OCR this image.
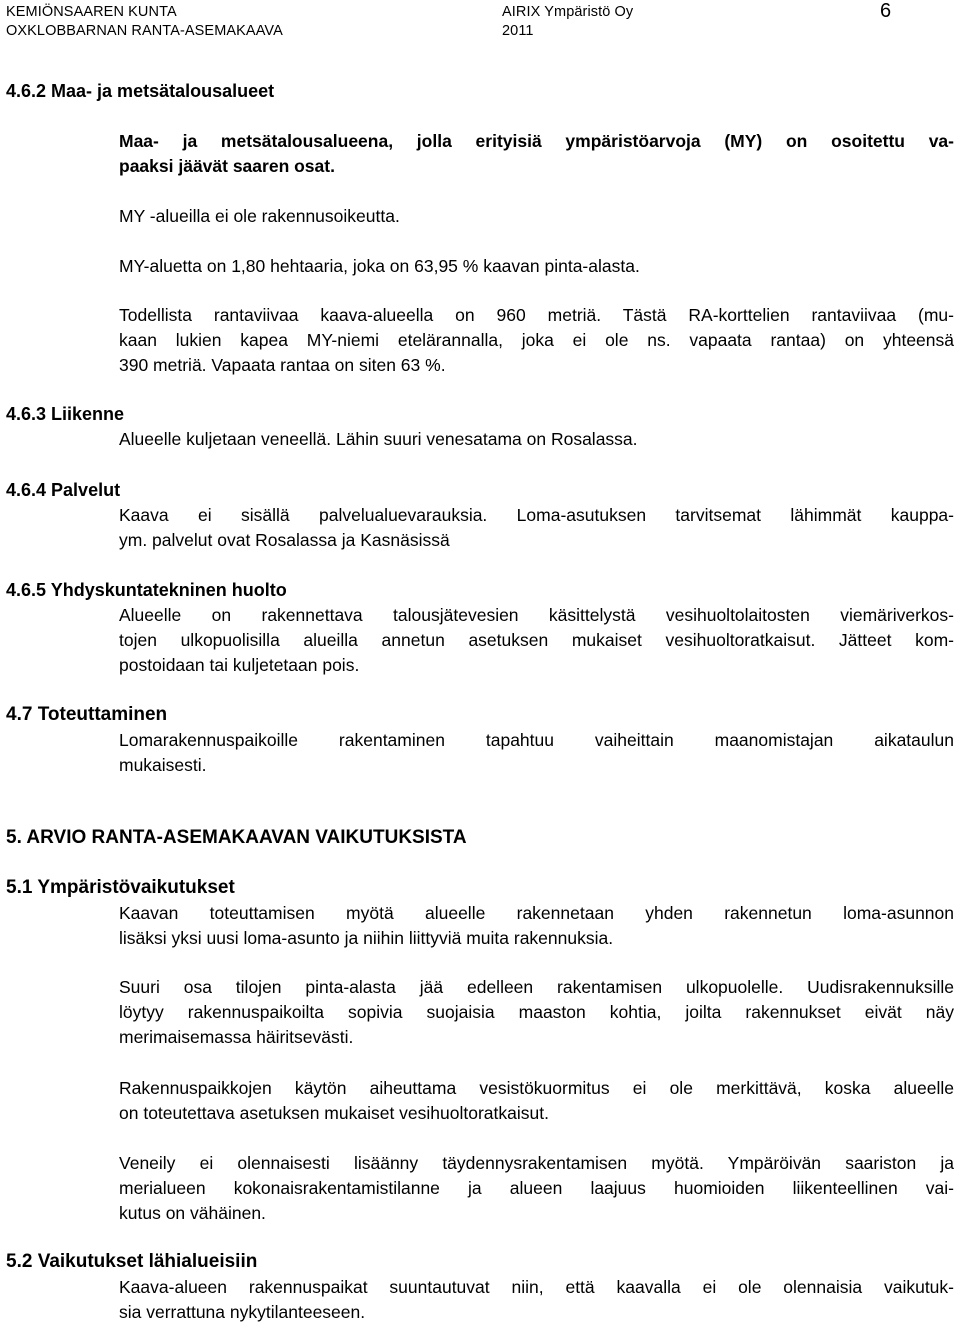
KEMIÖNSAAREN KUNTA
OXKLOBBARNAN RANTA-ASEMAKAAVA
AIRIX Ympäristö Oy
2011
6
4.6.2 Maa- ja metsätalousalueet
Maa- ja metsätalousalueena, jolla erityisiä ympäristöarvoja (MY) on osoitettu va-
paaksi jäävät saaren osat.
MY -alueilla ei ole rakennusoikeutta.
MY-aluetta on 1,80 hehtaaria, joka on 63,95 % kaavan pinta-alasta.
Todellista rantaviivaa kaava-alueella on 960 metriä. Tästä RA-korttelien rantaviivaa (mu-
kaan lukien kapea MY-niemi etelärannalla, joka ei ole ns. vapaata rantaa) on yhteensä
390 metriä. Vapaata rantaa on siten 63 %.
4.6.3 Liikenne
Alueelle kuljetaan veneellä. Lähin suuri venesatama on Rosalassa.
4.6.4 Palvelut
Kaava ei sisällä palvelualuevarauksia. Loma-asutuksen tarvitsemat lähimmät kauppa-
ym. palvelut ovat Rosalassa ja Kasnäsissä
4.6.5 Yhdyskuntatekninen huolto
Alueelle on rakennettava talousjätevesien käsittelystä vesihuoltolaitosten viemäriverkos-
tojen ulkopuolisilla alueilla annetun asetuksen mukaiset vesihuoltoratkaisut. Jätteet kom-
postoidaan tai kuljetetaan pois.
4.7 Toteuttaminen
Lomarakennuspaikoille rakentaminen tapahtuu vaiheittain maanomistajan aikataulun
mukaisesti.
5. ARVIO RANTA-ASEMAKAAVAN VAIKUTUKSISTA
5.1 Ympäristövaikutukset
Kaavan toteuttamisen myötä alueelle rakennetaan yhden rakennetun loma-asunnon
lisäksi yksi uusi loma-asunto ja niihin liittyviä muita rakennuksia.
Suuri osa tilojen pinta-alasta jää edelleen rakentamisen ulkopuolelle. Uudisrakennuksille
löytyy rakennuspaikoilta sopivia suojaisia maaston kohtia, joilta rakennukset eivät näy
merimaisemassa häiritsevästi.
Rakennuspaikkojen käytön aiheuttama vesistökuormitus ei ole merkittävä, koska alueelle
on toteutettava asetuksen mukaiset vesihuoltoratkaisut.
Veneily ei olennaisesti lisäänny täydennysrakentamisen myötä. Ympäröivän saariston ja
merialueen kokonaisrakentamistilanne ja alueen laajuus huomioiden liikenteellinen vai-
kutus on vähäinen.
5.2 Vaikutukset lähialueisiin
Kaava-alueen rakennuspaikat suuntautuvat niin, että kaavalla ei ole olennaisia vaikutuk-
sia verrattuna nykytilanteeseen.
